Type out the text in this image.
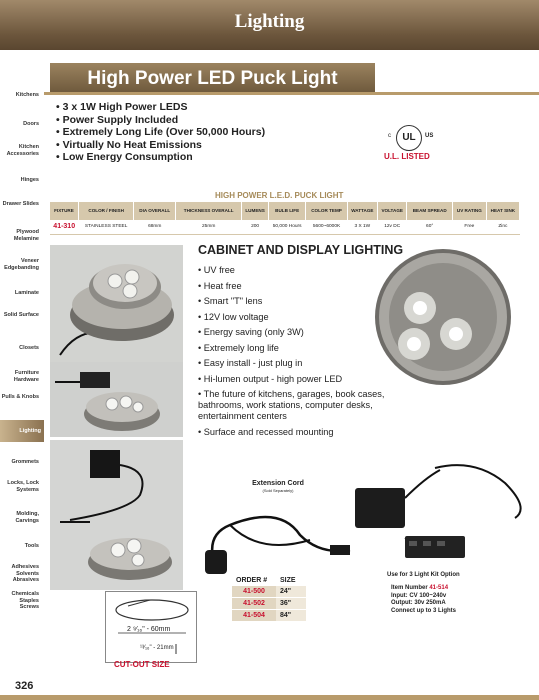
Lighting
Kitchens
Doors
Kitchen Accessories
Hinges
Drawer Slides
Plywood Melamine
Veneer Edgebanding
Laminate
Solid Surface
Closets
Furniture Hardware
Pulls & Knobs
Lighting
Grommets
Locks, Lock Systems
Molding, Carvings
Tools
Adhesives Solvents Abrasives
Chemicals Staples Screws
High Power LED Puck Light
• 3 x 1W High Power LEDS
• Power Supply Included
• Extremely Long Life (Over 50,000 Hours)
• Virtually No Heat Emissions
• Low Energy Consumption
c	UL	US
U.L. LISTED
HIGH POWER L.E.D. PUCK LIGHT
FIXTURE	COLOR / FINISH	DIA OVERALL	THICKNESS OVERALL	LUMENS	BULB LIFE	COLOR TEMP	WATTAGE	VOLTAGE	BEAM SPREAD	UV RATING	HEAT SINK
41-310	STAINLESS STEEL	68mm	25mm	200	50,000 Hours	5600~6000K	3 X 1W	12v DC	60°	Free	Zinc
CABINET AND DISPLAY LIGHTING
• UV free
• Heat free
• Smart "T" lens
• 12V low voltage
• Energy saving (only 3W)
• Extremely long life
• Easy install - just plug in
• Hi-lumen output - high power LED
• The future of kitchens, garages, book cases, bathrooms, work stations, computer desks, entertainment centers
• Surface and recessed mounting
Extension Cord
(Sold Separately)
ORDER #	SIZE
41-500	24"
41-502	36"
41-504	84"
Use for 3 Light Kit Option
Item Number 41-514
Input: CV 100~240v
Output: 30v 250mA
Connect up to 3 Lights
2 ⁹⁄₁₆" - 60mm
¹³⁄₁₆" - 21mm
CUT-OUT SIZE
326
